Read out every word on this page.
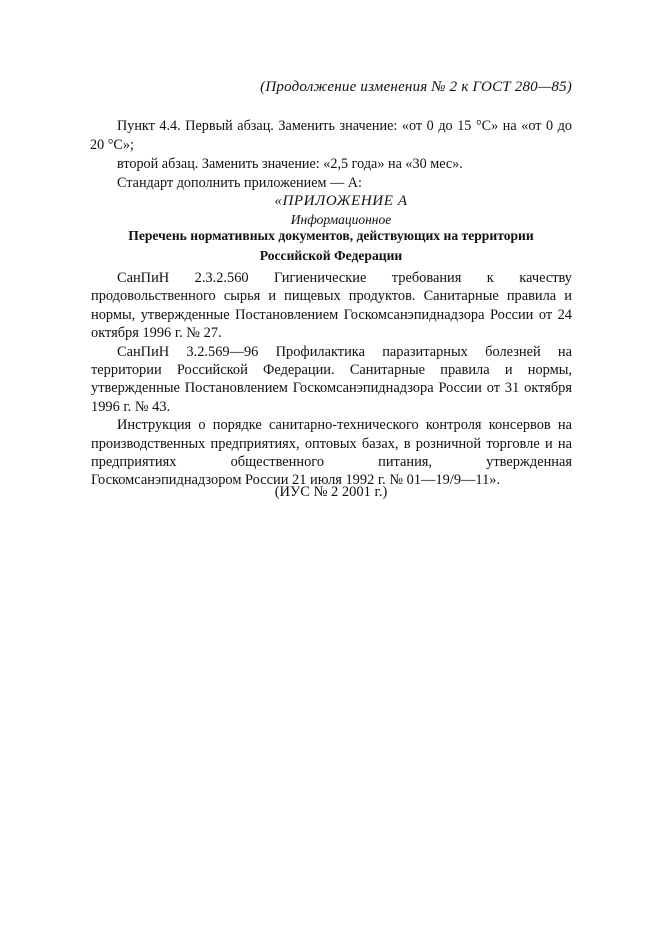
(Продолжение изменения № 2 к ГОСТ 280—85)

Пункт 4.4. Первый абзац. Заменить значение: «от 0 до 15 °С» на «от 0 до 20 °С»;

второй абзац. Заменить значение: «2,5 года» на «30 мес».

Стандарт дополнить приложением — А:

«ПРИЛОЖЕНИЕ А

Информационное

Перечень нормативных документов, действующих на территории Российской Федерации

СанПиН 2.3.2.560 Гигиенические требования к качеству продовольственного сырья и пищевых продуктов. Санитарные правила и нормы, утвержденные Постановлением Госкомсанэпиднадзора России от 24 октября 1996 г. № 27.

СанПиН 3.2.569—96 Профилактика паразитарных болезней на территории Российской Федерации. Санитарные правила и нормы, утвержденные Постановлением Госкомсанэпиднадзора России от 31 октября 1996 г. № 43.

Инструкция о порядке санитарно-технического контроля консервов на производственных предприятиях, оптовых базах, в розничной торговле и на предприятиях общественного питания, утвержденная Госкомсанэпиднадзором России 21 июля 1992 г. № 01—19/9—11».

(ИУС № 2 2001 г.)
